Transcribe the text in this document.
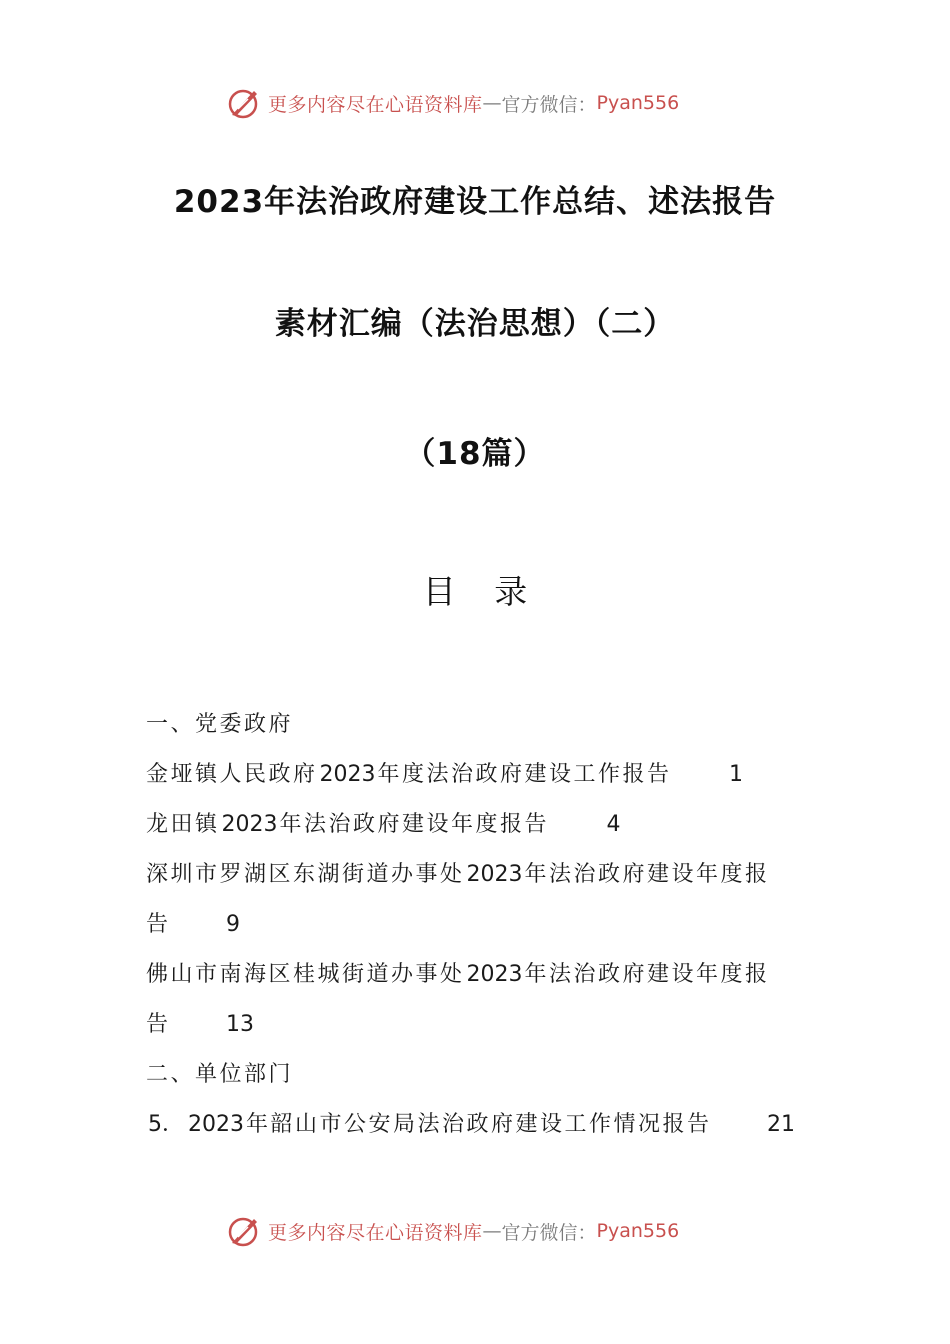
更多内容尽在心语资料库 — 官方微信： Pyan556
2023年法治政府建设工作总结、述法报告
素材汇编（法治思想）（二）
（18篇）
目 录
一、党委政府
金垭镇人民政府2023年度法治政府建设工作报告	1
龙田镇2023年法治政府建设年度报告	4
深圳市罗湖区东湖街道办事处2023年法治政府建设年度报
告	9
佛山市南海区桂城街道办事处2023年法治政府建设年度报
告	13
二、单位部门
5． 2023年韶山市公安局法治政府建设工作情况报告	21
更多内容尽在心语资料库 — 官方微信： Pyan556
